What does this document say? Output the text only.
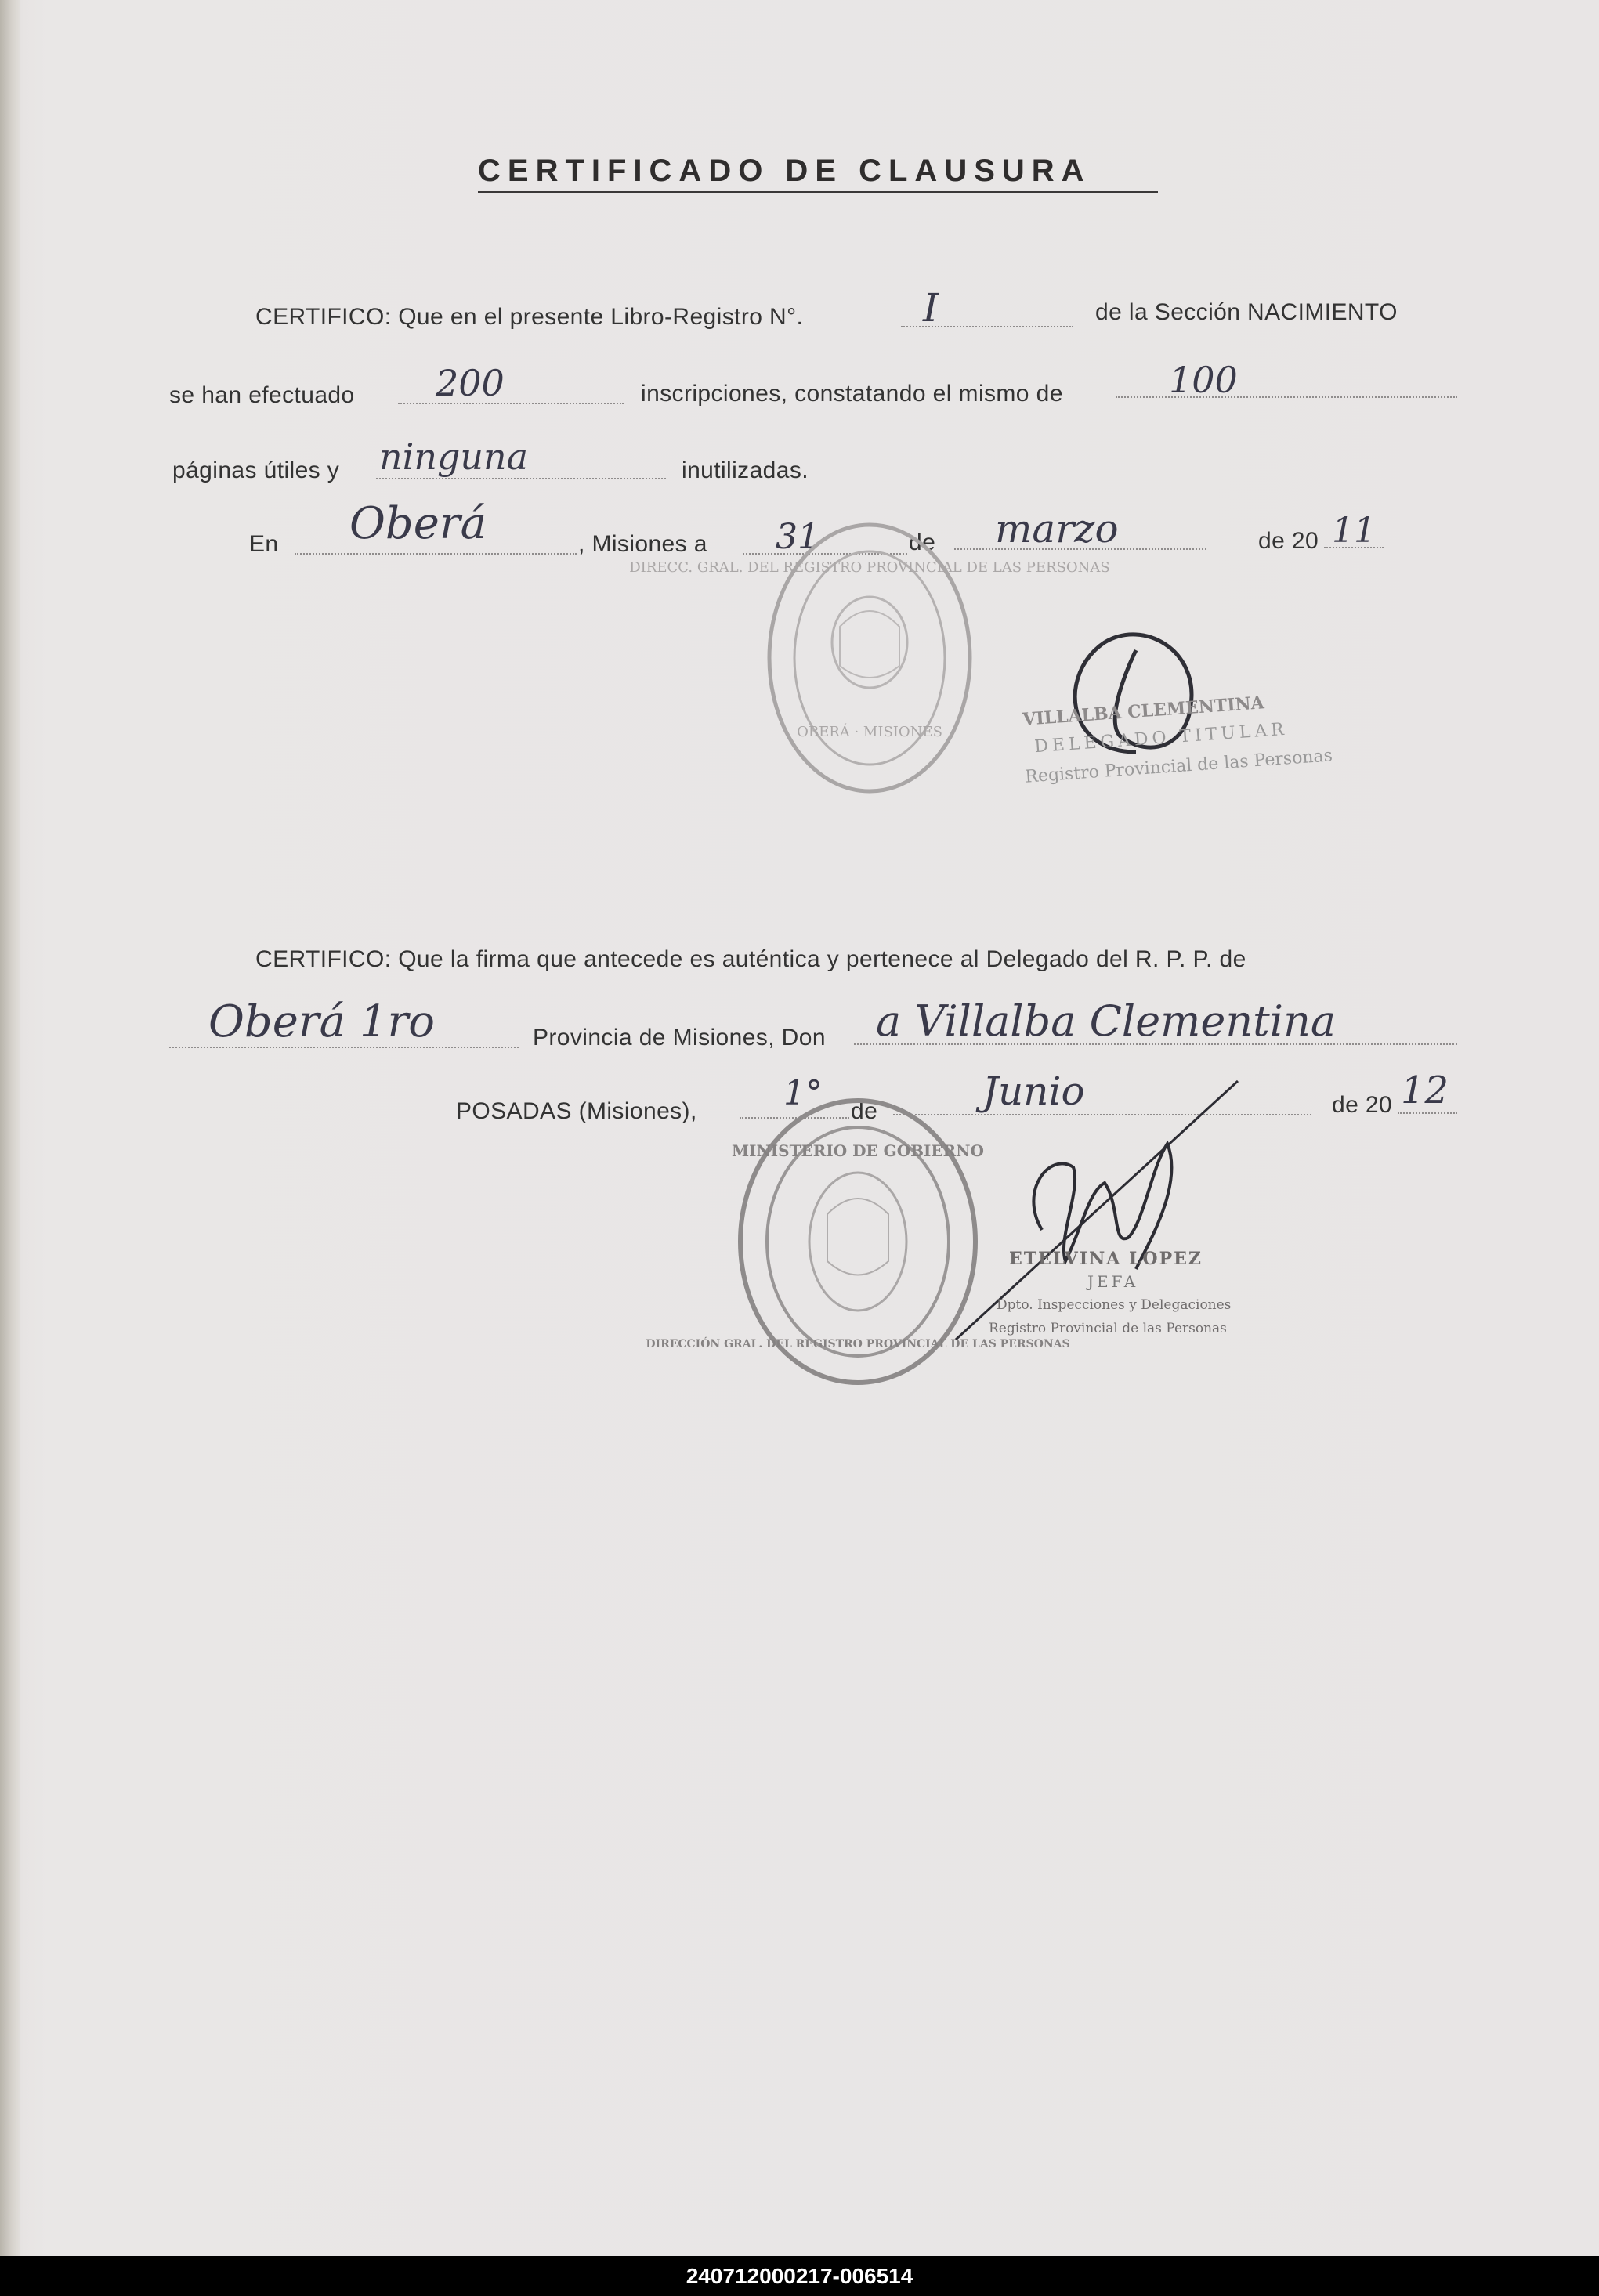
CERTIFICADO DE CLAUSURA
CERTIFICO: Que en el presente Libro-Registro N°.	I	de la Sección NACIMIENTO
se han efectuado 200	inscripciones, constatando el mismo de	100
páginas útiles y ninguna	inutilizadas.
En Oberá	, Misiones a 31	de marzo	de 20 11
DIRECC. GRAL. DEL REGISTRO PROVINCIAL DE LAS PERSONAS
OBERÁ · MISIONES
VILLALBA CLEMENTINA
DELEGADO TITULAR
Registro Provincial de las Personas
CERTIFICO: Que la firma que antecede es auténtica y pertenece al Delegado del R. P. P. de
Oberá 1ro	Provincia de Misiones, Don a Villalba Clementina
POSADAS (Misiones),	1° de	Junio	de 20 12
MINISTERIO DE GOBIERNO
DIRECCIÓN GRAL. DEL REGISTRO PROVINCIAL DE LAS PERSONAS
ETELVINA LOPEZ
JEFA
Dpto. Inspecciones y Delegaciones
Registro Provincial de las Personas
240712000217-006514
